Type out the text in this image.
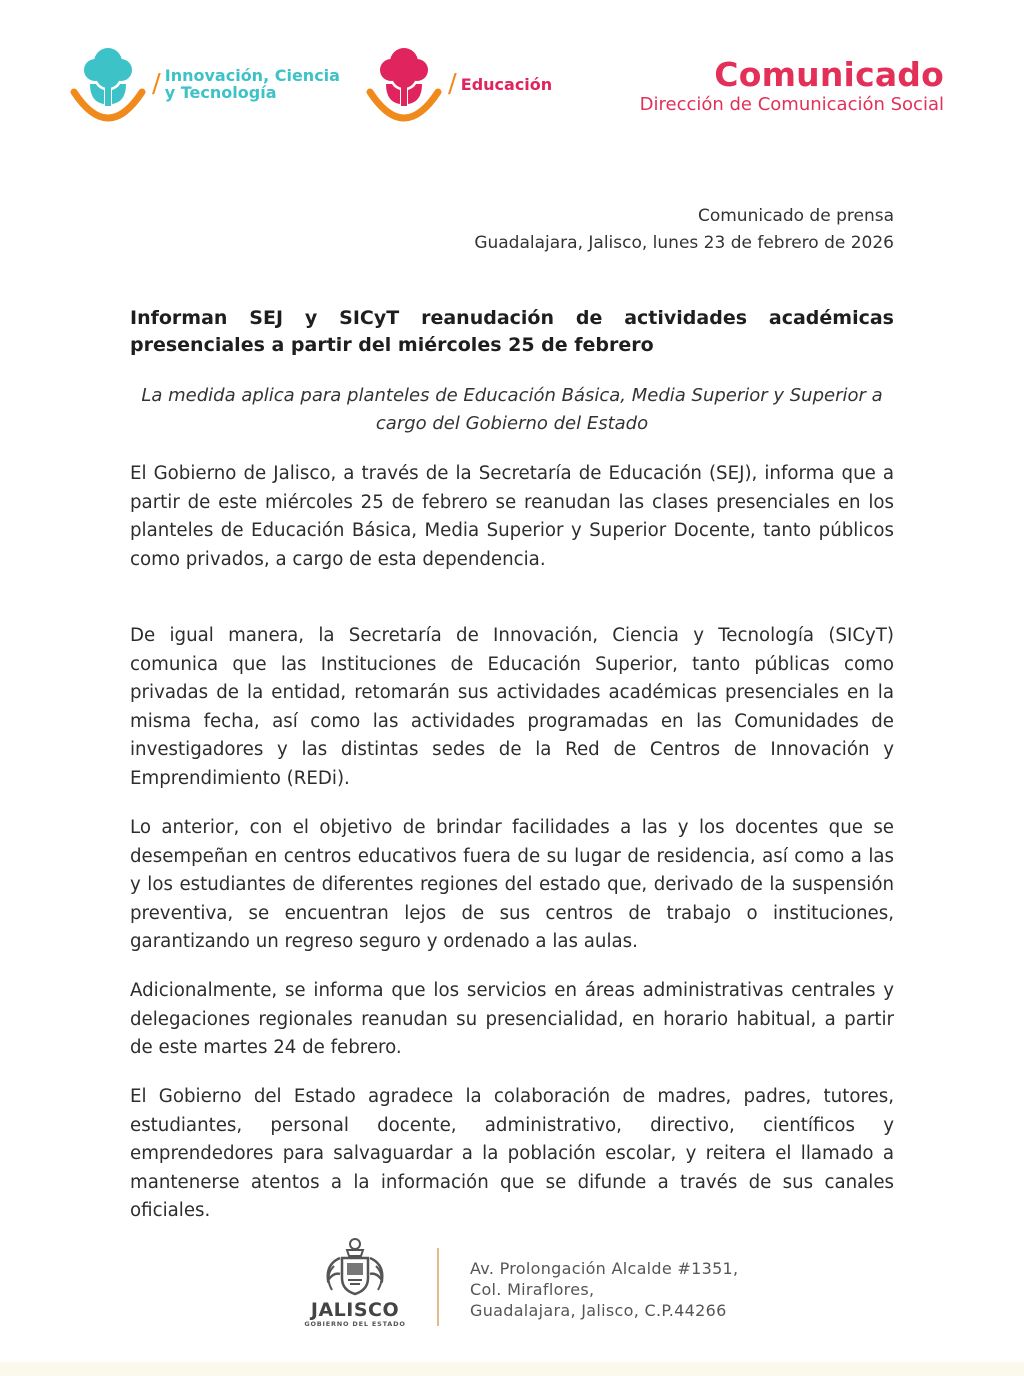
/ Innovación, Ciencia
y Tecnología	/ Educación	Comunicado
Dirección de Comunicación Social
Comunicado de prensa
Guadalajara, Jalisco, lunes 23 de febrero de 2026
Informan SEJ y SICyT reanudación de actividades académicas presenciales a partir del miércoles 25 de febrero
La medida aplica para planteles de Educación Básica, Media Superior y Superior a cargo del Gobierno del Estado
El Gobierno de Jalisco, a través de la Secretaría de Educación (SEJ), informa que a partir de este miércoles 25 de febrero se reanudan las clases presenciales en los planteles de Educación Básica, Media Superior y Superior Docente, tanto públicos como privados, a cargo de esta dependencia.
De igual manera, la Secretaría de Innovación, Ciencia y Tecnología (SICyT) comunica que las Instituciones de Educación Superior, tanto públicas como privadas de la entidad, retomarán sus actividades académicas presenciales en la misma fecha, así como las actividades programadas en las Comunidades de investigadores y las distintas sedes de la Red de Centros de Innovación y Emprendimiento (REDi).
Lo anterior, con el objetivo de brindar facilidades a las y los docentes que se desempeñan en centros educativos fuera de su lugar de residencia, así como a las y los estudiantes de diferentes regiones del estado que, derivado de la suspensión preventiva, se encuentran lejos de sus centros de trabajo o instituciones, garantizando un regreso seguro y ordenado a las aulas.
Adicionalmente, se informa que los servicios en áreas administrativas centrales y delegaciones regionales reanudan su presencialidad, en horario habitual, a partir de este martes 24 de febrero.
El Gobierno del Estado agradece la colaboración de madres, padres, tutores, estudiantes, personal docente, administrativo, directivo, científicos y emprendedores para salvaguardar a la población escolar, y reitera el llamado a mantenerse atentos a la información que se difunde a través de sus canales oficiales.
JALISCO
GOBIERNO DEL ESTADO
Av. Prolongación Alcalde #1351,
Col. Miraflores,
Guadalajara, Jalisco, C.P.44266
